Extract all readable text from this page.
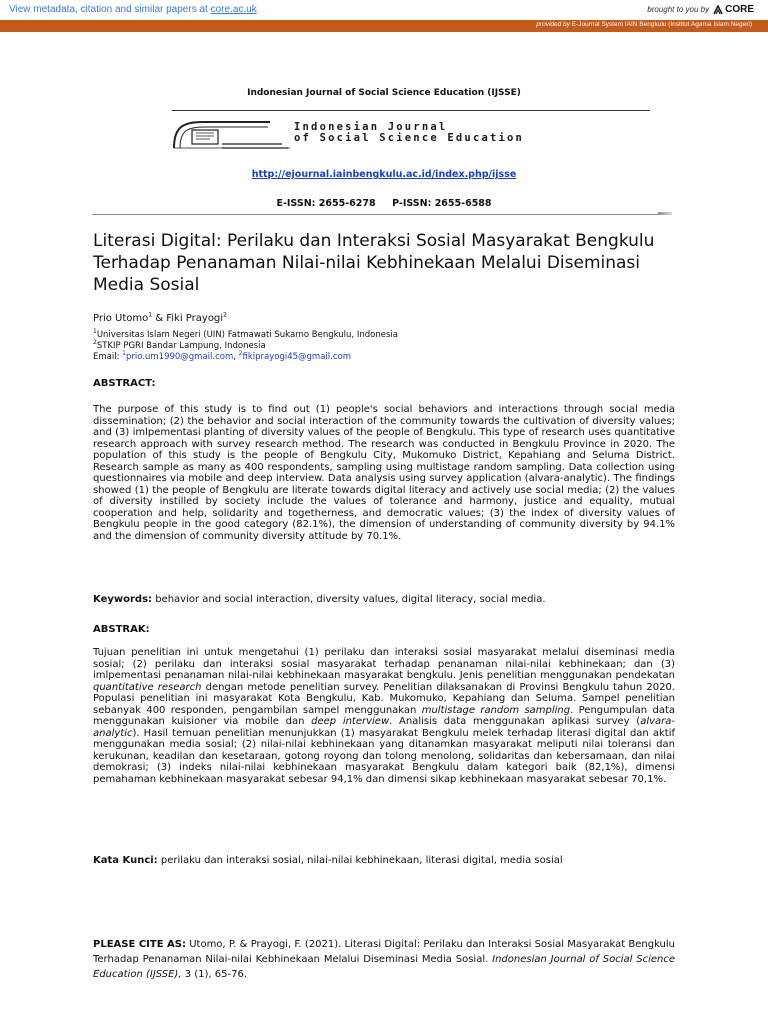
View metadata, citation and similar papers at core.ac.uk	brought to you by CORE
provided by E-Journal System IAIN Bengkulu (Institut Agama Islam Negeri)
Indonesian Journal of Social Science Education (IJSSE)
Indonesian Journal
of Social Science Education
http://ejournal.iainbengkulu.ac.id/index.php/ijsse
E-ISSN: 2655-6278     P-ISSN: 2655-6588
Literasi Digital: Perilaku dan Interaksi Sosial Masyarakat Bengkulu Terhadap Penanaman Nilai-nilai Kebhinekaan Melalui Diseminasi Media Sosial
Prio Utomo$^1$ & Fiki Prayogi$^2$
$^1$Universitas Islam Negeri (UIN) Fatmawati Sukarno Bengkulu, Indonesia
$^2$STKIP PGRI Bandar Lampung, Indonesia
Email: $^1$prio.um1990@gmail.com, $^2$fikiprayogi45@gmail.com
ABSTRACT:

The purpose of this study is to find out (1) people's social behaviors and interactions through social media dissemination; (2) the behavior and social interaction of the community towards the cultivation of diversity values; and (3) imlpementasi planting of diversity values of the people of Bengkulu. This type of research uses quantitative research approach with survey research method. The research was conducted in Bengkulu Province in 2020. The population of this study is the people of Bengkulu City, Mukomuko District, Kepahiang and Seluma District. Research sample as many as 400 respondents, sampling using multistage random sampling. Data collection using questionnaires via mobile and deep interview. Data analysis using survey application (alvara-analytic). The findings showed (1) the people of Bengkulu are literate towards digital literacy and actively use social media; (2) the values of diversity instilled by society include the values of tolerance and harmony, justice and equality, mutual cooperation and help, solidarity and togetherness, and democratic values; (3) the index of diversity values of Bengkulu people in the good category (82.1%), the dimension of understanding of community diversity by 94.1% and the dimension of community diversity attitude by 70.1%.

Keywords: behavior and social interaction, diversity values, digital literacy, social media.
ABSTRAK:

Tujuan penelitian ini untuk mengetahui (1) perilaku dan interaksi sosial masyarakat melalui diseminasi media sosial; (2) perilaku dan interaksi sosial masyarakat terhadap penanaman nilai-nilai kebhinekaan; dan (3) imlpementasi penanaman nilai-nilai kebhinekaan masyarakat bengkulu. Jenis penelitian menggunakan pendekatan quantitative research dengan metode penelitian survey. Penelitian dilaksanakan di Provinsi Bengkulu tahun 2020. Populasi penelitian ini masyarakat Kota Bengkulu, Kab. Mukomuko, Kepahiang dan Seluma. Sampel penelitian sebanyak 400 responden, pengambilan sampel menggunakan multistage random sampling. Pengumpulan data menggunakan kuisioner via mobile dan deep interview. Analisis data menggunakan aplikasi survey (alvara-analytic). Hasil temuan penelitian menunjukkan (1) masyarakat Bengkulu melek terhadap literasi digital dan aktif menggunakan media sosial; (2) nilai-nilai kebhinekaan yang ditanamkan masyarakat meliputi nilai toleransi dan kerukunan, keadilan dan kesetaraan, gotong royong dan tolong menolong, solidaritas dan kebersamaan, dan nilai demokrasi; (3) indeks nilai-nilai kebhinekaan masyarakat Bengkulu dalam kategori baik (82,1%), dimensi pemahaman kebhinekaan masyarakat sebesar 94,1% dan dimensi sikap kebhinekaan masyarakat sebesar 70,1%.

Kata Kunci: perilaku dan interaksi sosial, nilai-nilai kebhinekaan, literasi digital, media sosial
PLEASE CITE AS: Utomo, P. & Prayogi, F. (2021). Literasi Digital: Perilaku dan Interaksi Sosial Masyarakat Bengkulu Terhadap Penanaman Nilai-nilai Kebhinekaan Melalui Diseminasi Media Sosial. Indonesian Journal of Social Science Education (IJSSE), 3 (1), 65-76.
